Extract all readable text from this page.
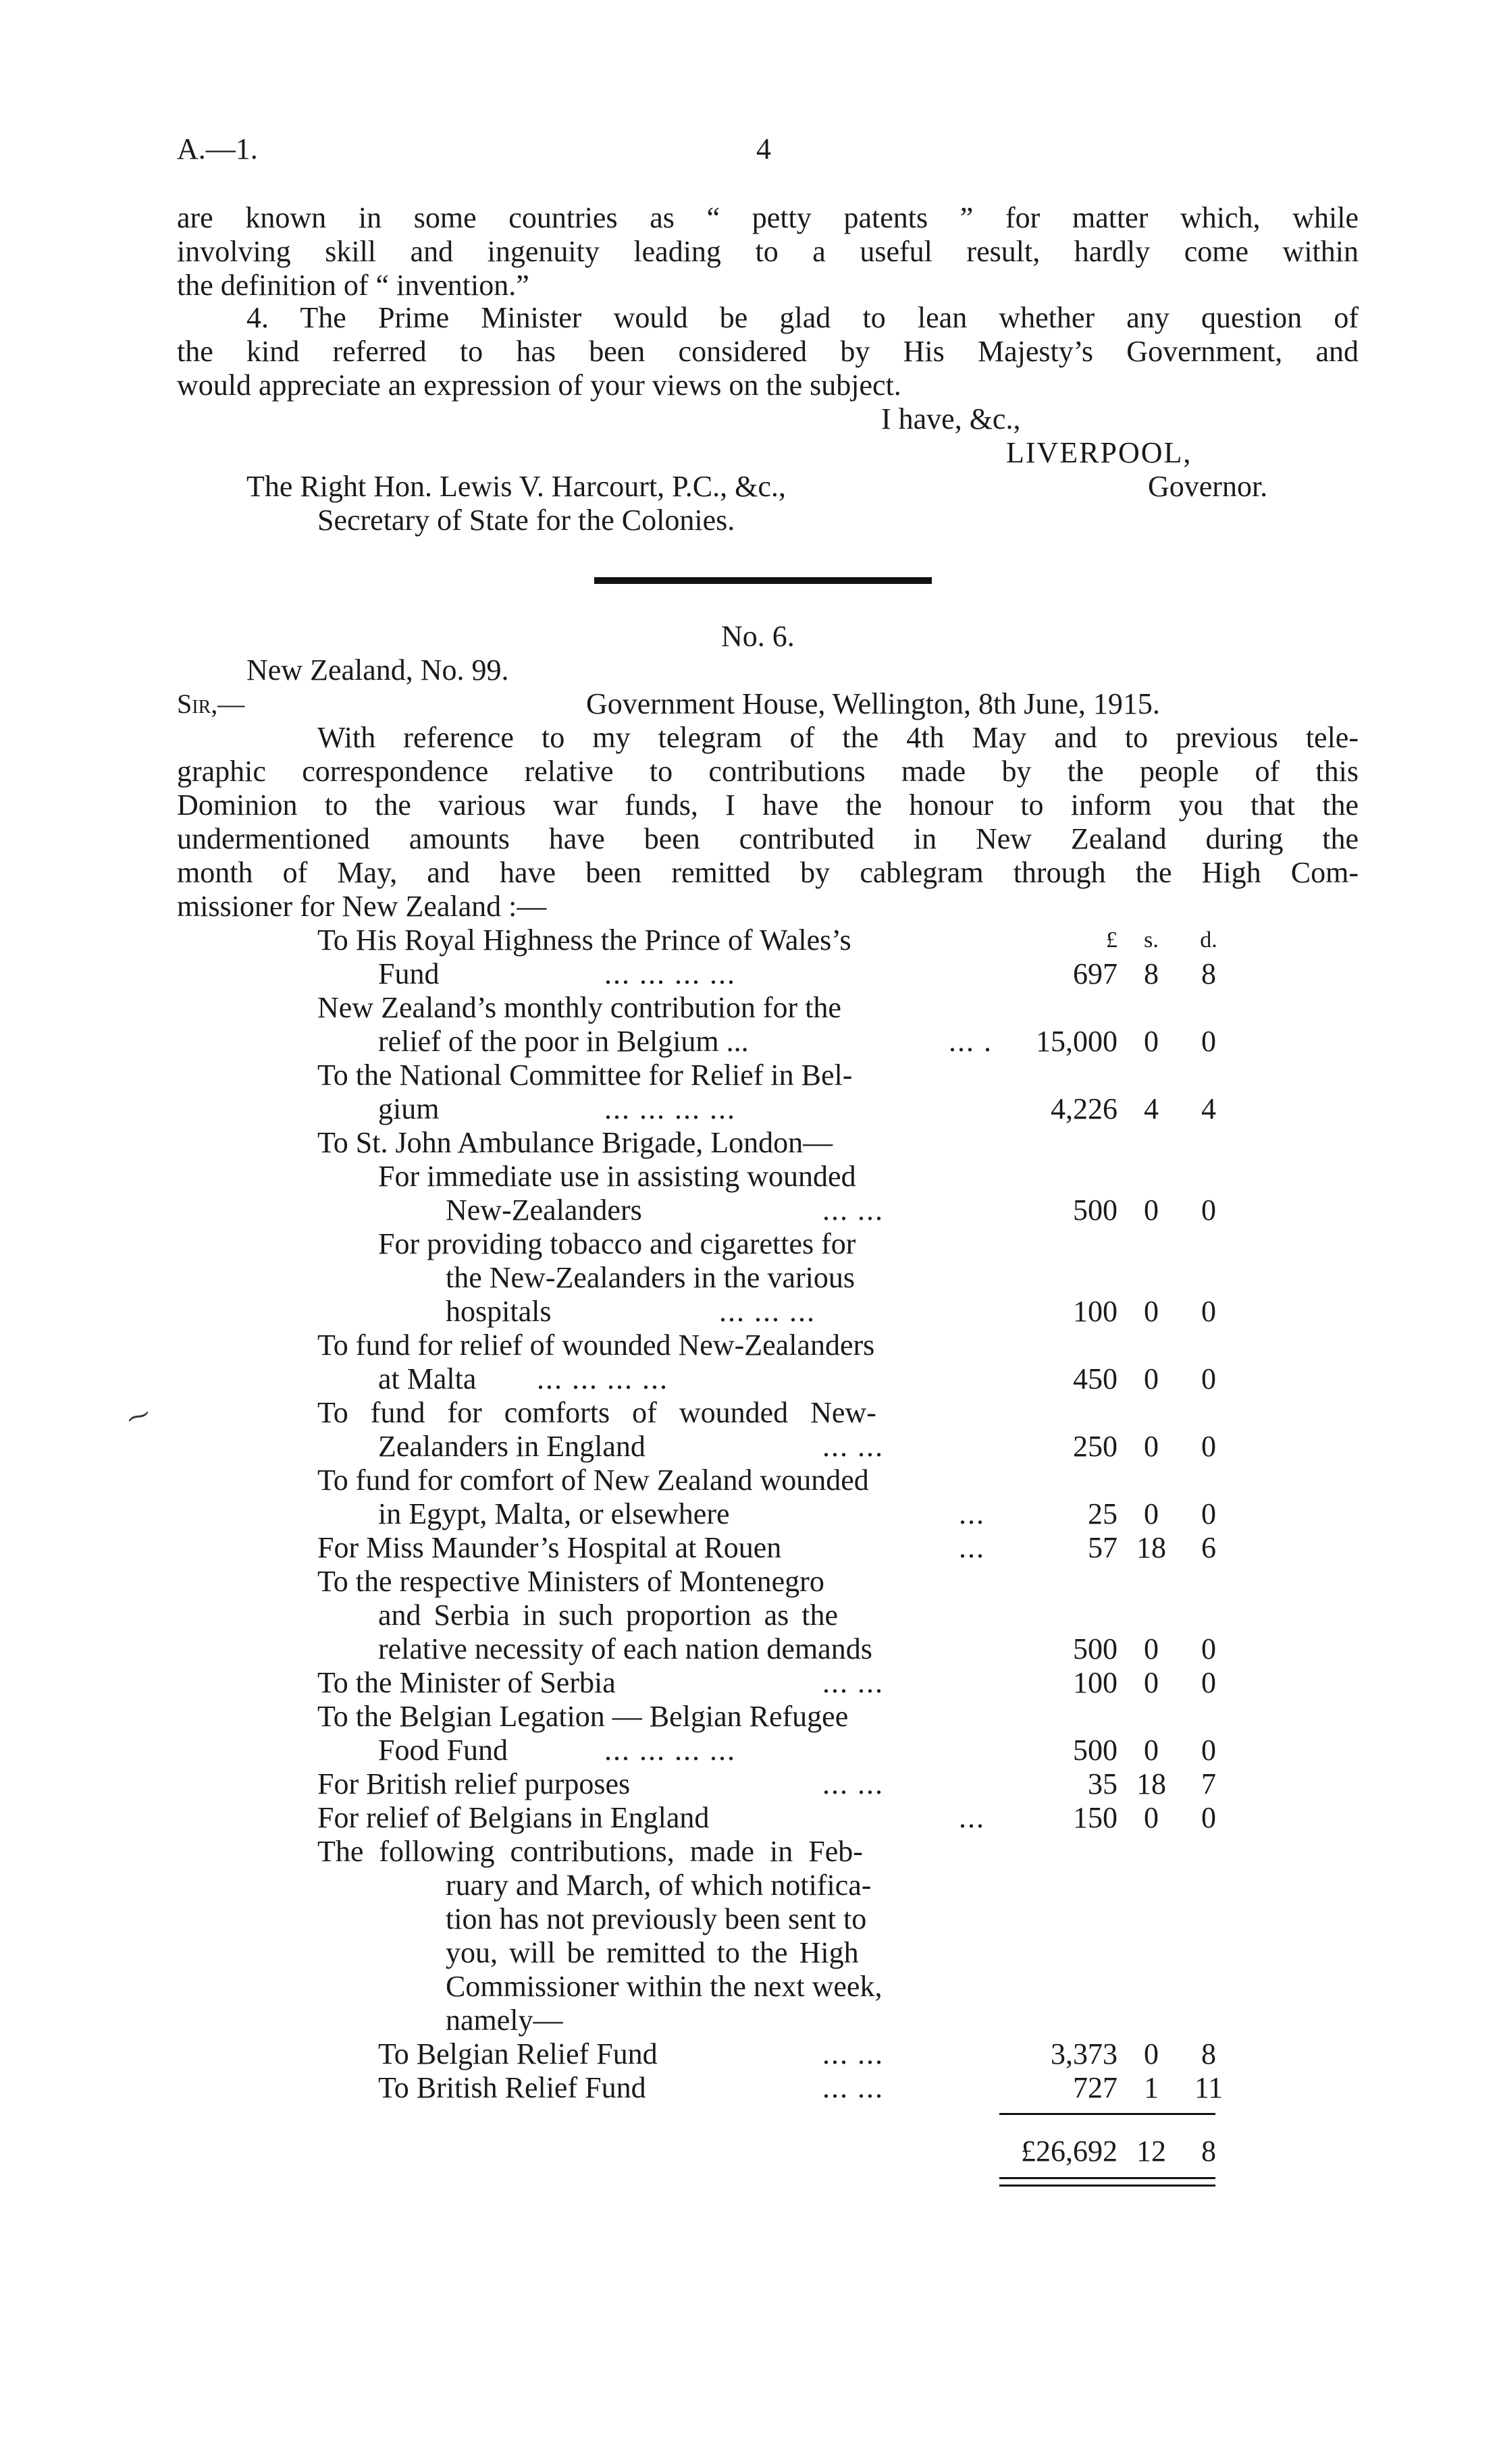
A.—1.	4
are known in some countries as “ petty patents ” for matter which, while
involving skill and ingenuity leading to a useful result, hardly come within
the definition of “ invention.”
4. The Prime Minister would be glad to lean whether any question of
the kind referred to has been considered by His Majesty’s Government, and
would appreciate an expression of your views on the subject.
I have, &c.,
LIVERPOOL,
The Right Hon. Lewis V. Harcourt, P.C., &c.,	Governor.
Secretary of State for the Colonies.
No. 6.
New Zealand, No. 99.
Sir,—	Government House, Wellington, 8th June, 1915.
With reference to my telegram of the 4th May and to previous tele-
graphic correspondence relative to contributions made by the people of this
Dominion to the various war funds, I have the honour to inform you that the
undermentioned amounts have been contributed in New Zealand during the
month of May, and have been remitted by cablegram through the High Com-
missioner for New Zealand :—
To His Royal Highness the Prince of Wales’s	£	s.	d.
Fund	... ... ... ...	697 8	8
New Zealand’s monthly contribution for the
relief of the poor in Belgium ...	... .	15,000 0	0
To the National Committee for Relief in Bel-
gium	... ... ... ...	4,226 4	4
To St. John Ambulance Brigade, London—
For immediate use in assisting wounded
New-Zealanders	... ...	500 0	0
For providing tobacco and cigarettes for
the New-Zealanders in the various
hospitals	... ... ...	100 0	0
To fund for relief of wounded New-Zealanders
at Malta ... ... ... ...	450 0	0
To fund for comforts of wounded New-
Zealanders in England	... ...	250 0	0
To fund for comfort of New Zealand wounded
in Egypt, Malta, or elsewhere	...	25 0	0
For Miss Maunder’s Hospital at Rouen	...	57 18	6
To the respective Ministers of Montenegro
and Serbia in such proportion as the
relative necessity of each nation demands	500 0	0
To the Minister of Serbia	... ...	100 0	0
To the Belgian Legation — Belgian Refugee
Food Fund	... ... ... ...	500 0	0
For British relief purposes	... ...	35 18	7
For relief of Belgians in England	...	150 0	0
The following contributions, made in Feb-
ruary and March, of which notifica-
tion has not previously been sent to
you, will be remitted to the High
Commissioner within the next week,
namely—
To Belgian Relief Fund	... ...	3,373 0	8
To British Relief Fund	... ...	727 1	11
£26,692 12	8
⁓
